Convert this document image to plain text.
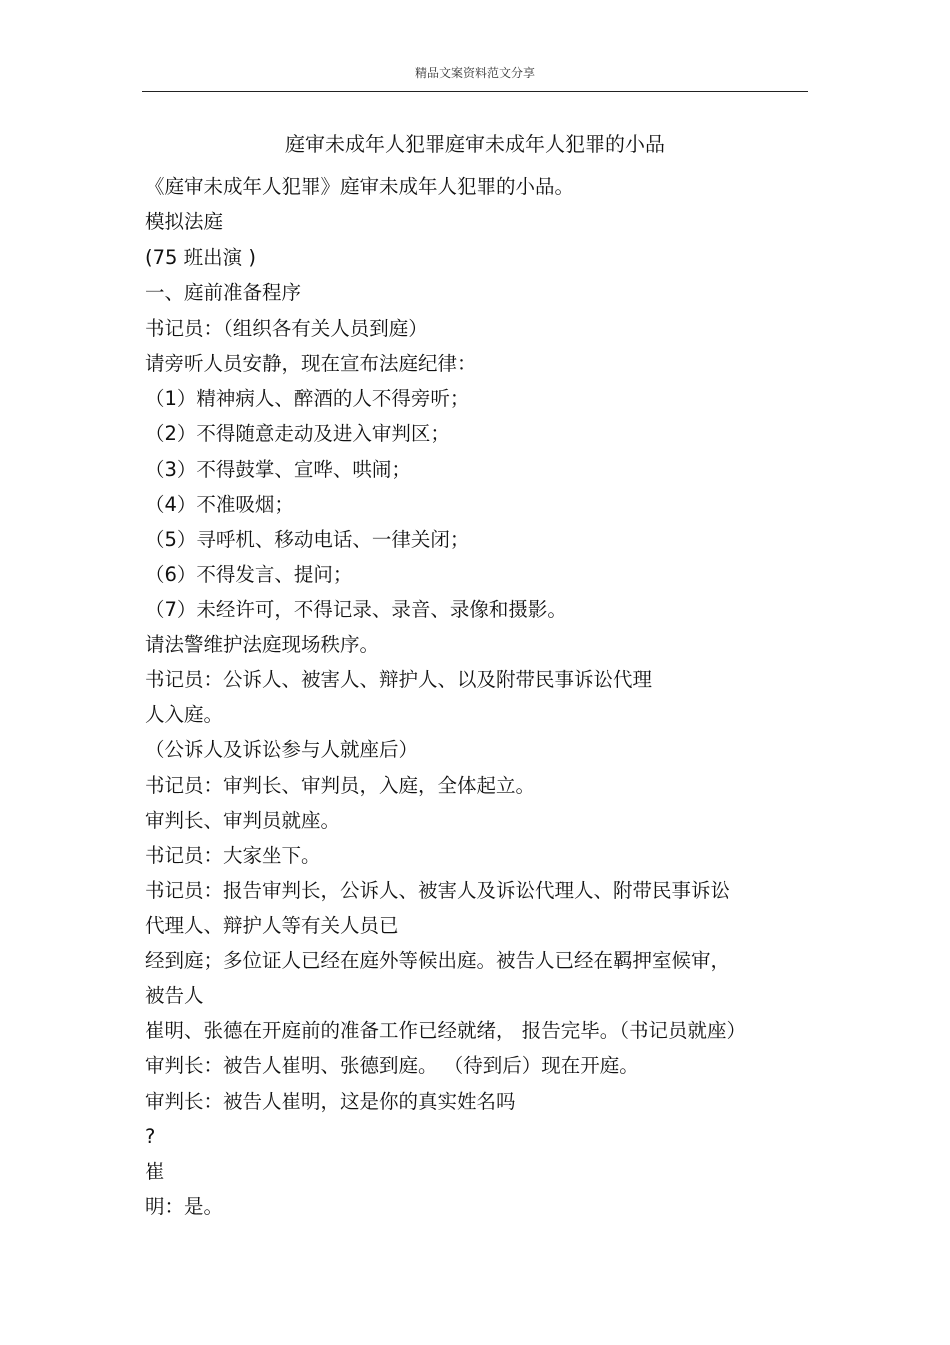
精品文案资料范文分享
庭审未成年人犯罪庭审未成年人犯罪的小品
《庭审未成年人犯罪》庭审未成年人犯罪的小品。
模拟法庭
(75 班出演 )
一、庭前准备程序
书记员：（组织各有关人员到庭）
请旁听人员安静，现在宣布法庭纪律：
（1）精神病人、醉酒的人不得旁听；
（2）不得随意走动及进入审判区；
（3）不得鼓掌、宣哗、哄闹；
（4）不准吸烟；
（5）寻呼机、移动电话、一律关闭；
（6）不得发言、提问；
（7）未经许可，不得记录、录音、录像和摄影。
请法警维护法庭现场秩序。
书记员：公诉人、被害人、辩护人、以及附带民事诉讼代理
人入庭。
（公诉人及诉讼参与人就座后）
书记员：审判长、审判员，入庭，全体起立。
审判长、审判员就座。
书记员：大家坐下。
书记员：报告审判长，公诉人、被害人及诉讼代理人、附带民事诉讼
代理人、辩护人等有关人员已
经到庭；多位证人已经在庭外等候出庭。被告人已经在羁押室候审，
被告人
崔明、张德在开庭前的准备工作已经就绪， 报告完毕。（书记员就座）
审判长：被告人崔明、张德到庭。 （待到后）现在开庭。
审判长：被告人崔明，这是你的真实姓名吗
?
崔
明：是。
